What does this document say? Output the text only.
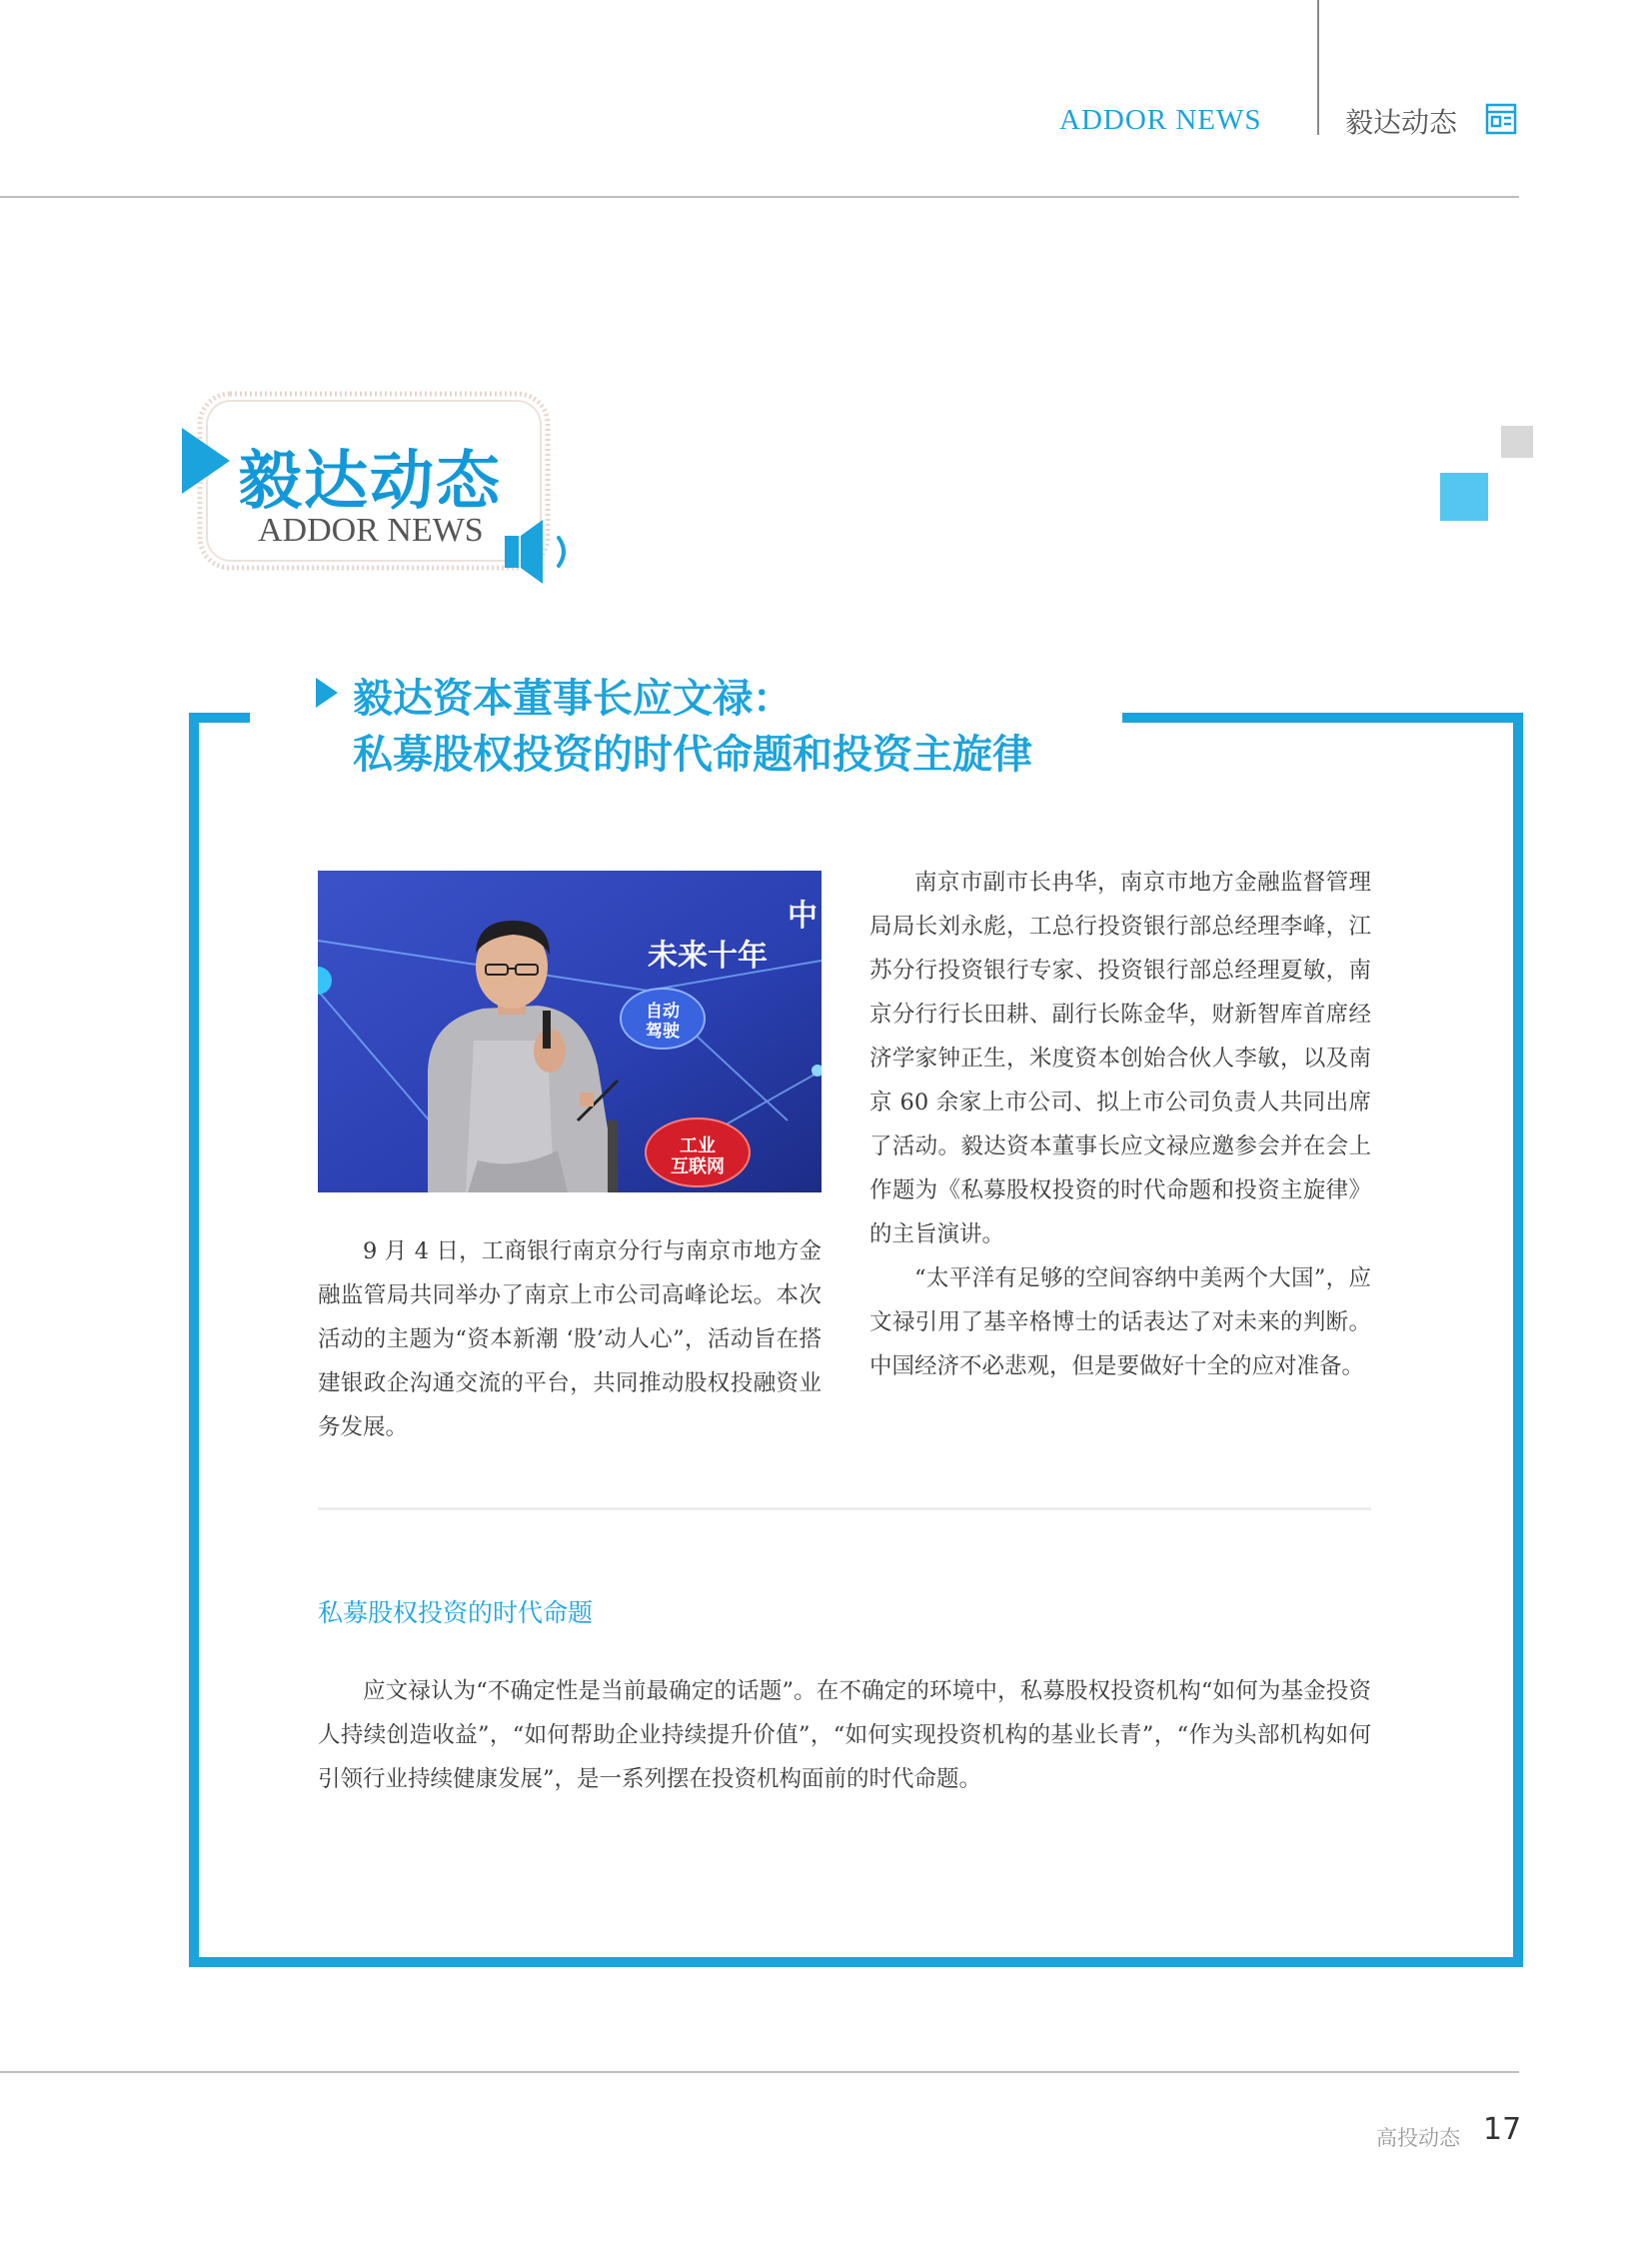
ADDOR NEWS	毅达动态
毅达动态
ADDOR NEWS
毅达资本董事长应文禄：
私募股权投资的时代命题和投资主旋律
中
未来十年
自动
驾驶
工业
互联网

9 月 4 日，工商银行南京分行与南京市地方金融监管局共同举办了南京上市公司高峰论坛。本次活动的主题为“资本新潮 ‘股’动人心”，活动旨在搭建银政企沟通交流的平台，共同推动股权投融资业务发展。

南京市副市长冉华，南京市地方金融监督管理局局长刘永彪，工总行投资银行部总经理李峰，江苏分行投资银行专家、投资银行部总经理夏敏，南京分行行长田耕、副行长陈金华，财新智库首席经济学家钟正生，米度资本创始合伙人李敏，以及南京 60 余家上市公司、拟上市公司负责人共同出席了活动。毅达资本董事长应文禄应邀参会并在会上作题为《私募股权投资的时代命题和投资主旋律》的主旨演讲。

“太平洋有足够的空间容纳中美两个大国”，应文禄引用了基辛格博士的话表达了对未来的判断。中国经济不必悲观，但是要做好十全的应对准备。

私募股权投资的时代命题

应文禄认为“不确定性是当前最确定的话题”。在不确定的环境中，私募股权投资机构“如何为基金投资人持续创造收益”，“如何帮助企业持续提升价值”，“如何实现投资机构的基业长青”，“作为头部机构如何引领行业持续健康发展”，是一系列摆在投资机构面前的时代命题。

高投动态 17
